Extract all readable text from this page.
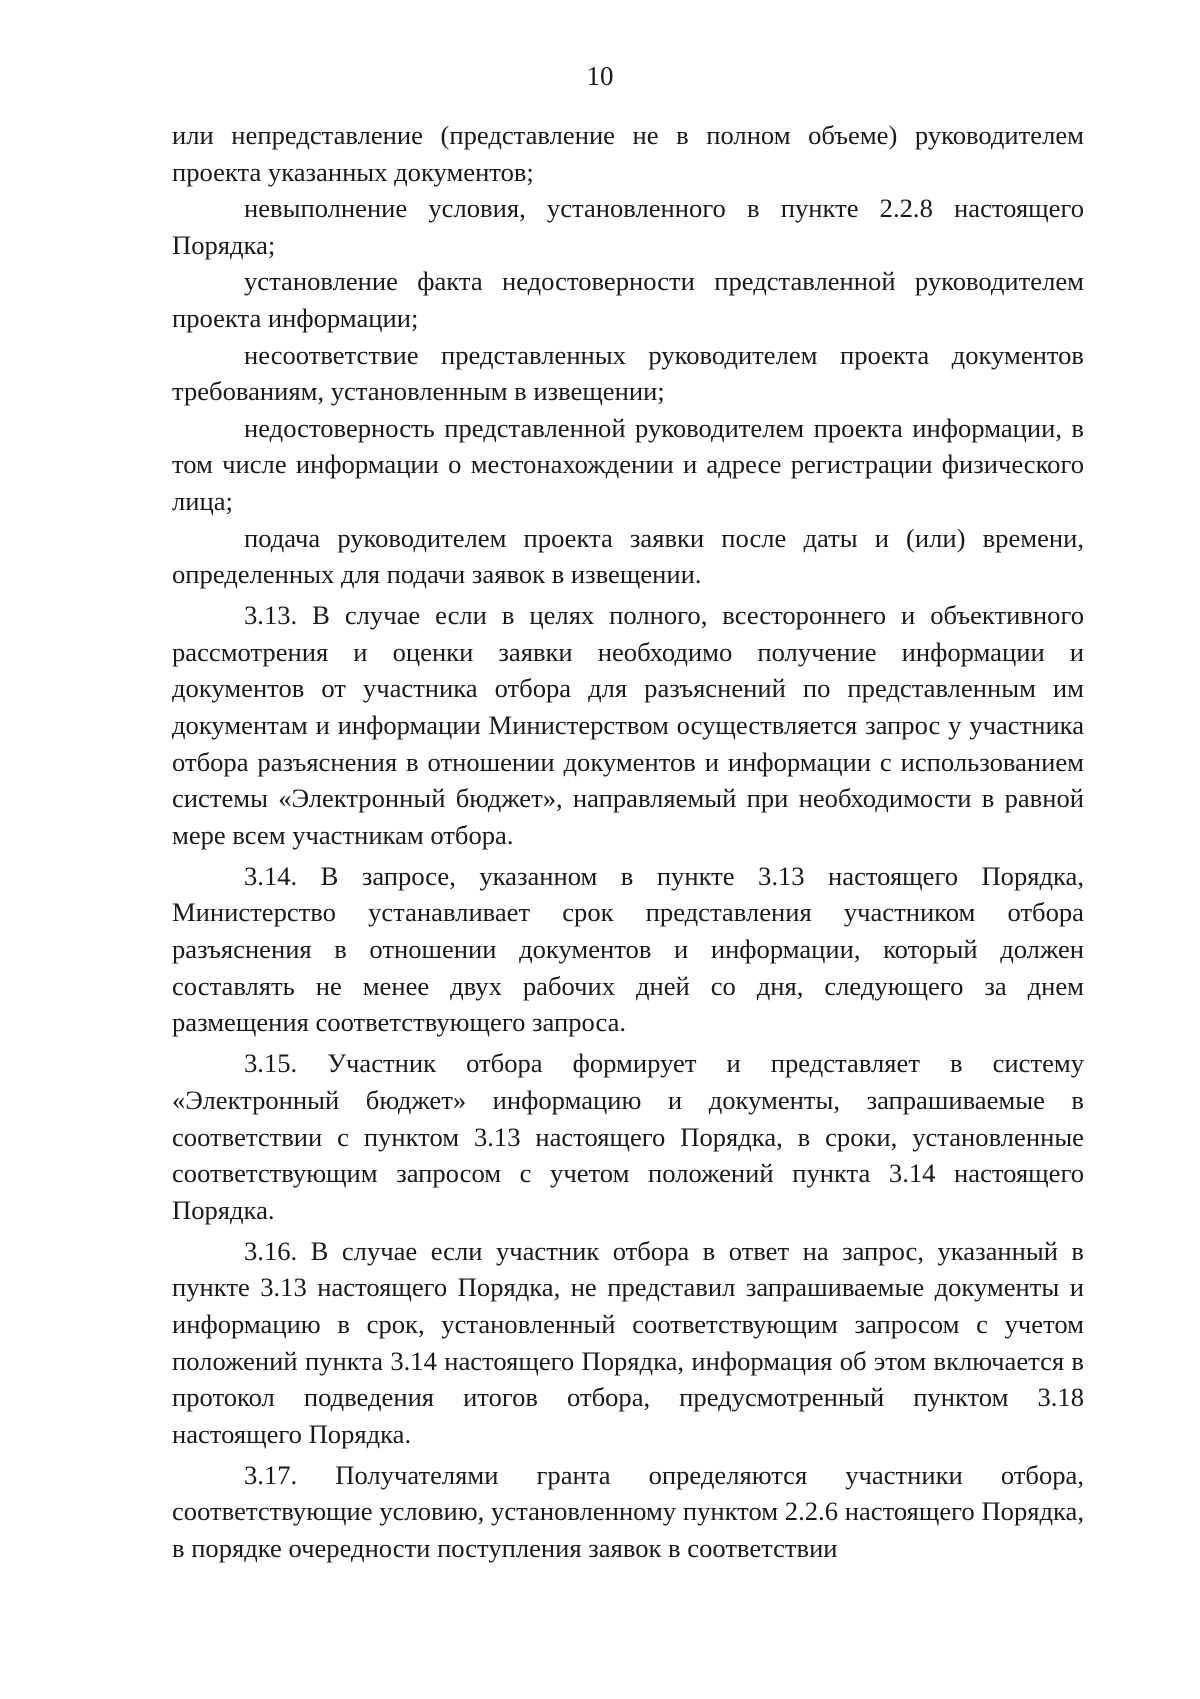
10

или непредставление (представление не в полном объеме) руководителем проекта указанных документов;

невыполнение условия, установленного в пункте 2.2.8 настоящего Порядка;

установление факта недостоверности представленной руководителем проекта информации;

несоответствие представленных руководителем проекта документов требованиям, установленным в извещении;

недостоверность представленной руководителем проекта информации, в том числе информации о местонахождении и адресе регистрации физического лица;

подача руководителем проекта заявки после даты и (или) времени, определенных для подачи заявок в извещении.

3.13. В случае если в целях полного, всестороннего и объективного рассмотрения и оценки заявки необходимо получение информации и документов от участника отбора для разъяснений по представленным им документам и информации Министерством осуществляется запрос у участника отбора разъяснения в отношении документов и информации с использованием системы «Электронный бюджет», направляемый при необходимости в равной мере всем участникам отбора.

3.14. В запросе, указанном в пункте 3.13 настоящего Порядка, Министерство устанавливает срок представления участником отбора разъяснения в отношении документов и информации, который должен составлять не менее двух рабочих дней со дня, следующего за днем размещения соответствующего запроса.

3.15. Участник отбора формирует и представляет в систему «Электронный бюджет» информацию и документы, запрашиваемые в соответствии с пунктом 3.13 настоящего Порядка, в сроки, установленные соответствующим запросом с учетом положений пункта 3.14 настоящего Порядка.

3.16. В случае если участник отбора в ответ на запрос, указанный в пункте 3.13 настоящего Порядка, не представил запрашиваемые документы и информацию в срок, установленный соответствующим запросом с учетом положений пункта 3.14 настоящего Порядка, информация об этом включается в протокол подведения итогов отбора, предусмотренный пунктом 3.18 настоящего Порядка.

3.17. Получателями гранта определяются участники отбора, соответствующие условию, установленному пунктом 2.2.6 настоящего Порядка, в порядке очередности поступления заявок в соответствии
